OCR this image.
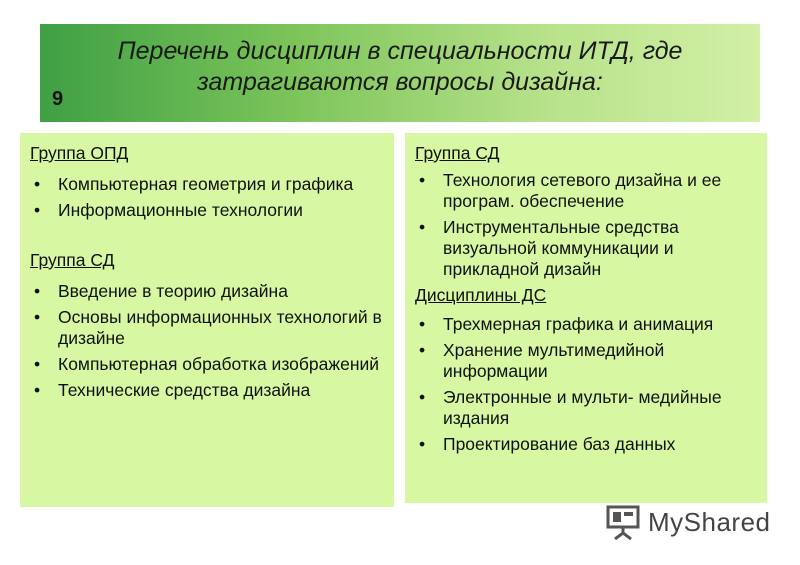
Перечень дисциплин в специальности ИТД, где затрагиваются вопросы дизайна:
9
Группа ОПД
• Компьютерная геометрия и графика
• Информационные технологии
Группа СД
• Введение в теорию дизайна
• Основы информационных технологий в дизайне
• Компьютерная обработка изображений
• Технические средства дизайна
Группа СД
• Технология сетевого дизайна и ее програм. обеспечение
• Инструментальные средства визуальной коммуникации и прикладной дизайн
Дисциплины ДС
• Трехмерная графика и анимация
• Хранение мультимедийной информации
• Электронные и мульти- медийные издания
• Проектирование баз данных
MyShared
